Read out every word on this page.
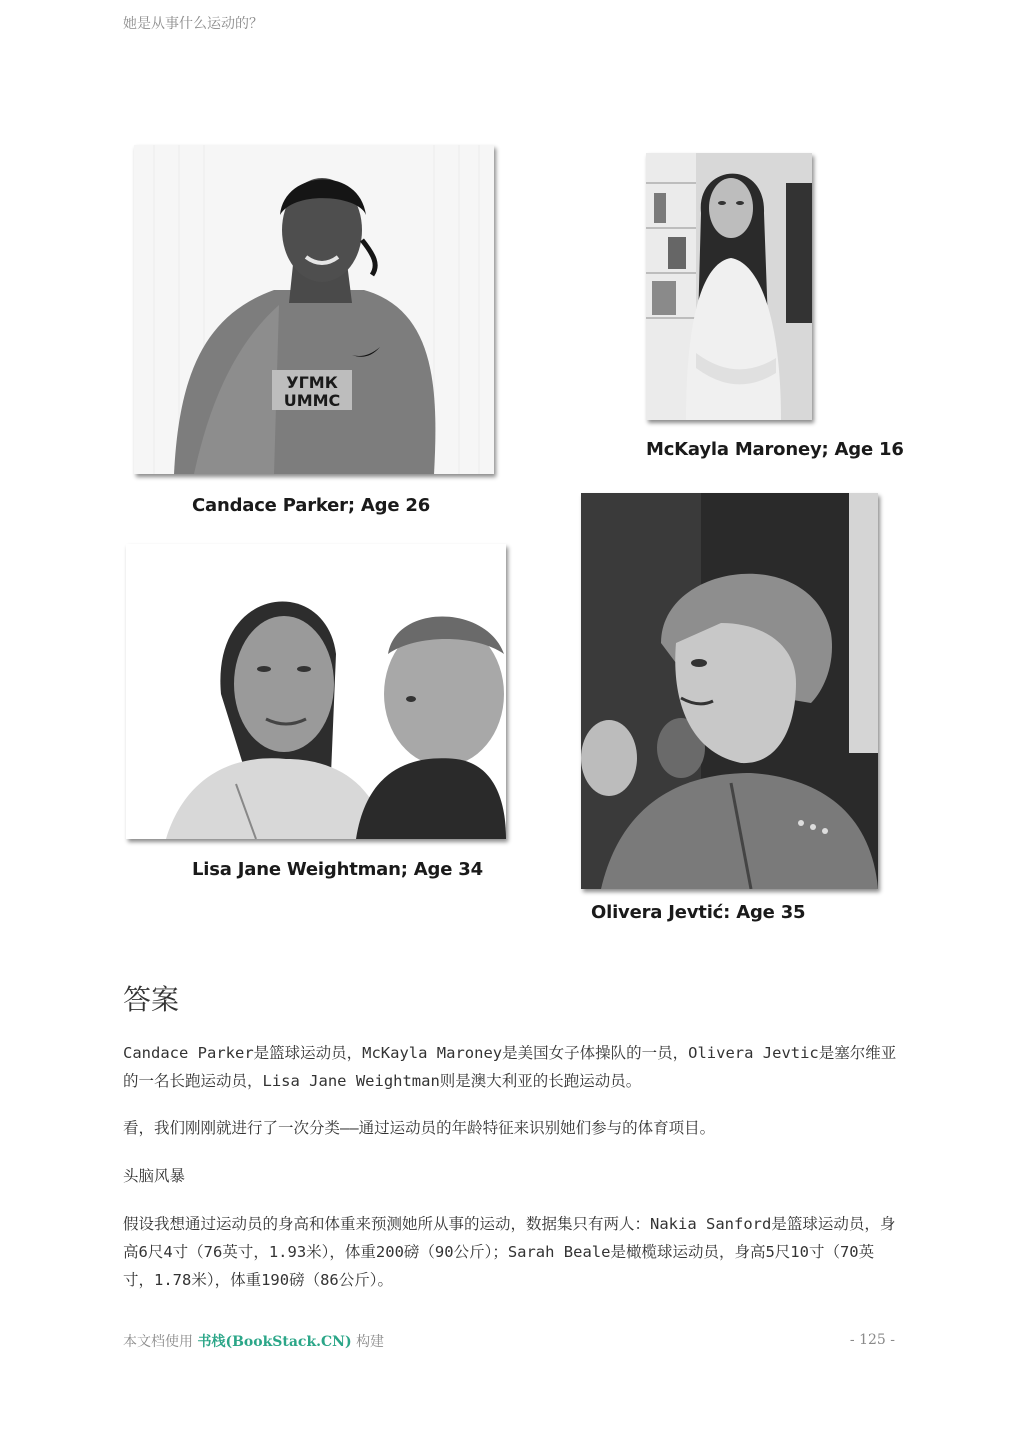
她是从事什么运动的？
УГМК
UMMC
Candace Parker; Age 26
McKayla Maroney; Age 16
Lisa Jane Weightman; Age 34
Olivera Jevtić: Age 35
答案

Candace Parker是篮球运动员，McKayla Maroney是美国女子体操队的一员，Olivera Jevtic是塞尔维亚的一名长跑运动员，Lisa Jane Weightman则是澳大利亚的长跑运动员。

看，我们刚刚就进行了一次分类——通过运动员的年龄特征来识别她们参与的体育项目。

头脑风暴

假设我想通过运动员的身高和体重来预测她所从事的运动，数据集只有两人：Nakia Sanford是篮球运动员，身高6尺4寸（76英寸，1.93米），体重200磅（90公斤）；Sarah Beale是橄榄球运动员，身高5尺10寸（70英寸，1.78米），体重190磅（86公斤）。

本文档使用 书栈(BookStack.CN) 构建	- 125 -
